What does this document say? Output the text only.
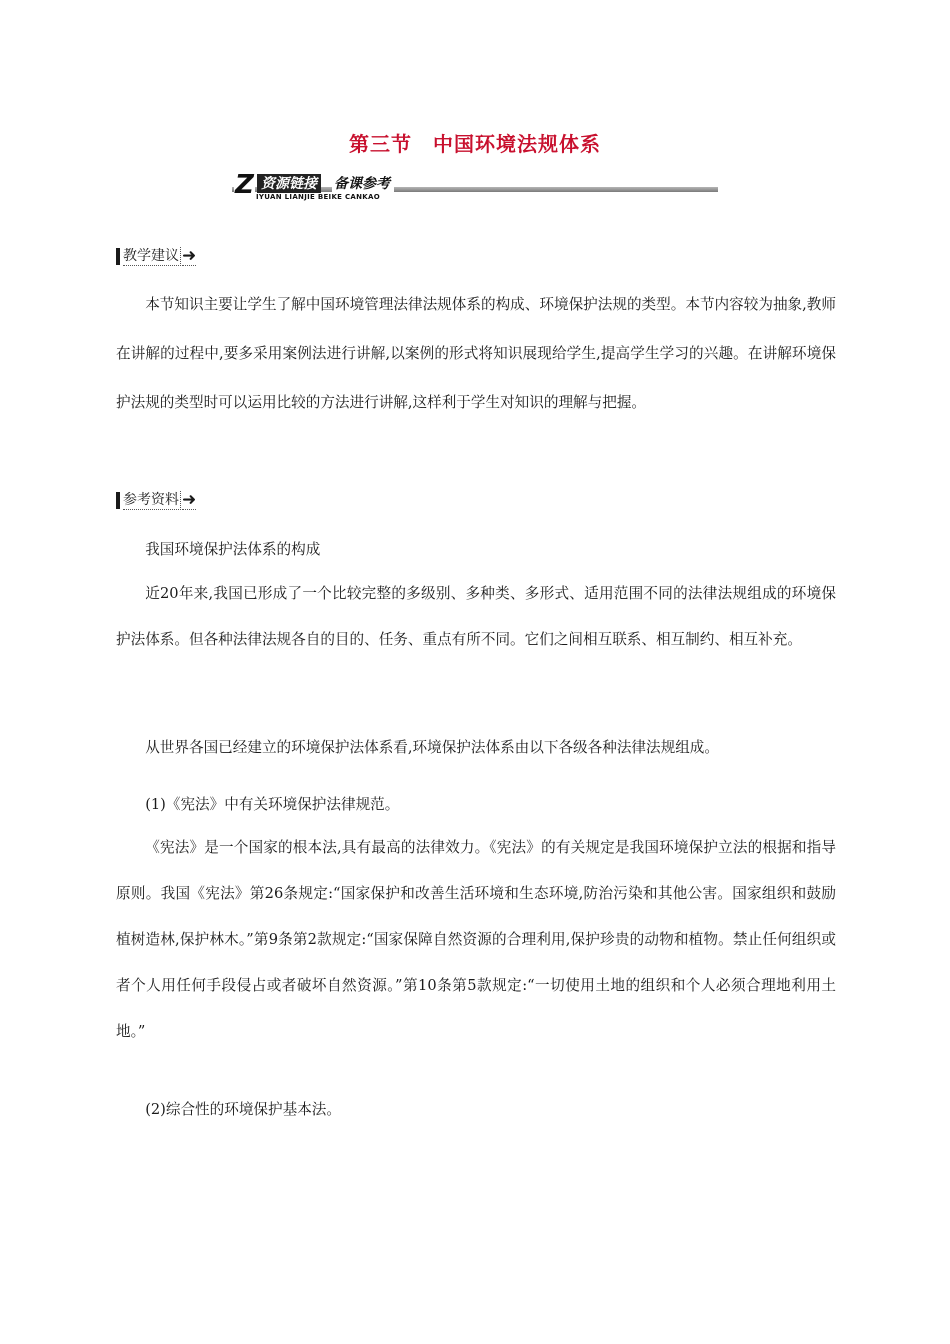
第三节　中国环境法规体系
Z 资源链接 备课参考
IYUAN LIANJIE BEIKE CANKAO
教学建议 ➜

本节知识主要让学生了解中国环境管理法律法规体系的构成、环境保护法规的类型。本节内容较为抽象,教师在讲解的过程中,要多采用案例法进行讲解,以案例的形式将知识展现给学生,提高学生学习的兴趣。在讲解环境保护法规的类型时可以运用比较的方法进行讲解,这样利于学生对知识的理解与把握。

参考资料 ➜

我国环境保护法体系的构成

近20年来,我国已形成了一个比较完整的多级别、多种类、多形式、适用范围不同的法律法规组成的环境保护法体系。但各种法律法规各自的目的、任务、重点有所不同。它们之间相互联系、相互制约、相互补充。

从世界各国已经建立的环境保护法体系看,环境保护法体系由以下各级各种法律法规组成。

(1)《宪法》中有关环境保护法律规范。

《宪法》是一个国家的根本法,具有最高的法律效力。《宪法》的有关规定是我国环境保护立法的根据和指导原则。我国《宪法》第26条规定:“国家保护和改善生活环境和生态环境,防治污染和其他公害。国家组织和鼓励植树造林,保护林木。”第9条第2款规定:“国家保障自然资源的合理利用,保护珍贵的动物和植物。禁止任何组织或者个人用任何手段侵占或者破坏自然资源。”第10条第5款规定:“一切使用土地的组织和个人必须合理地利用土地。”

(2)综合性的环境保护基本法。
